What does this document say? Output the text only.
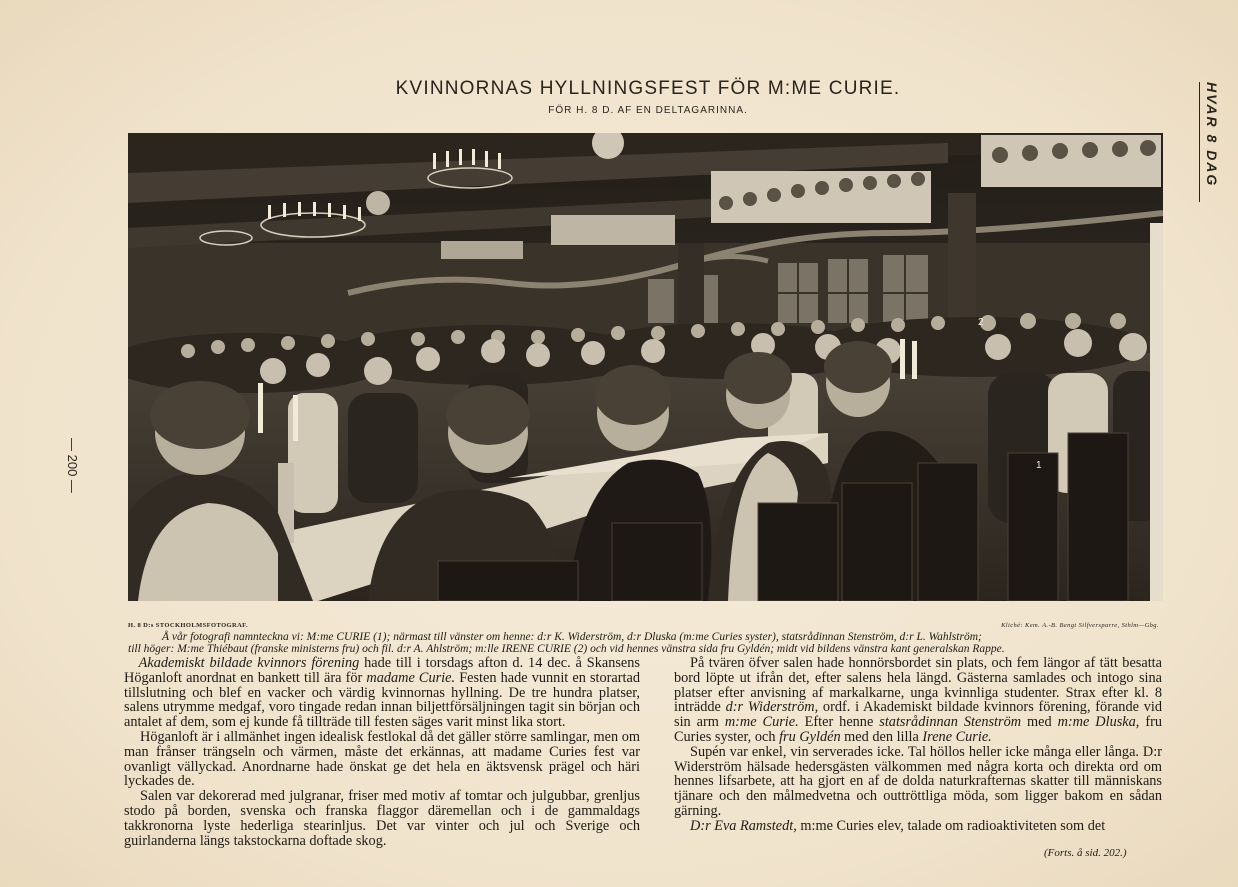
KVINNORNAS HYLLNINGSFEST FÖR M:ME CURIE.
FÖR H. 8 D. AF EN DELTAGARINNA.	HVAR 8 DAG
— 200 —	1
2
H. 8 D:s STOCKHOLMSFOTOGRAF.	Kliché: Kem. A.-B. Bengt Silfversparre, Sthlm—Gbg.

Å vår fotografi namnteckna vi: M:me CURIE (1); närmast till vänster om henne: d:r K. Widerström, d:r Dluska (m:me Curies syster), statsrådinnan Stenström, d:r L. Wahlström;

till höger: M:me Thiébaut (franske ministerns fru) och fil. d:r A. Ahlström; m:lle IRENE CURIE (2) och vid hennes vänstra sida fru Gyldén; midt vid bildens vänstra kant generalskan Rappe.

Akademiskt bildade kvinnors förening hade till i torsdags afton d. 14 dec. å Skansens Höganloft anordnat en bankett till ära för madame Curie. Festen hade vunnit en storartad tillslutning och blef en vacker och värdig kvinnornas hyllning. De tre hundra platser, salens utrymme medgaf, voro tingade redan innan biljettförsäljningen tagit sin början och antalet af dem, som ej kunde få tillträde till festen säges varit minst lika stort.

Höganloft är i allmänhet ingen idealisk festlokal då det gäller större samlingar, men om man frånser trängseln och värmen, måste det erkännas, att madame Curies fest var ovanligt vällyckad. Anordnarne hade önskat ge det hela en äktsvensk prägel och häri lyckades de.

Salen var dekorerad med julgranar, friser med motiv af tomtar och julgubbar, grenljus stodo på borden, svenska och franska flaggor däremellan och i de gammaldags takkronorna lyste hederliga stearinljus. Det var vinter och jul och Sverige och guirlanderna längs takstockarna doftade skog.

På tvären öfver salen hade honnörsbordet sin plats, och fem längor af tätt besatta bord löpte ut ifrån det, efter salens hela längd. Gästerna samlades och intogo sina platser efter anvisning af markalkarne, unga kvinnliga studenter. Strax efter kl. 8 inträdde d:r Widerström, ordf. i Akademiskt bildade kvinnors förening, förande vid sin arm m:me Curie. Efter henne statsrådinnan Stenström med m:me Dluska, fru Curies syster, och fru Gyldén med den lilla Irene Curie.

Supén var enkel, vin serverades icke. Tal höllos heller icke många eller långa. D:r Widerström hälsade hedersgästen välkommen med några korta och direkta ord om hennes lifsarbete, att ha gjort en af de dolda naturkrafternas skatter till människans tjänare och den målmedvetna och outtröttliga möda, som ligger bakom en sådan gärning.

D:r Eva Ramstedt, m:me Curies elev, talade om radioaktiviteten som det

(Forts. å sid. 202.)
